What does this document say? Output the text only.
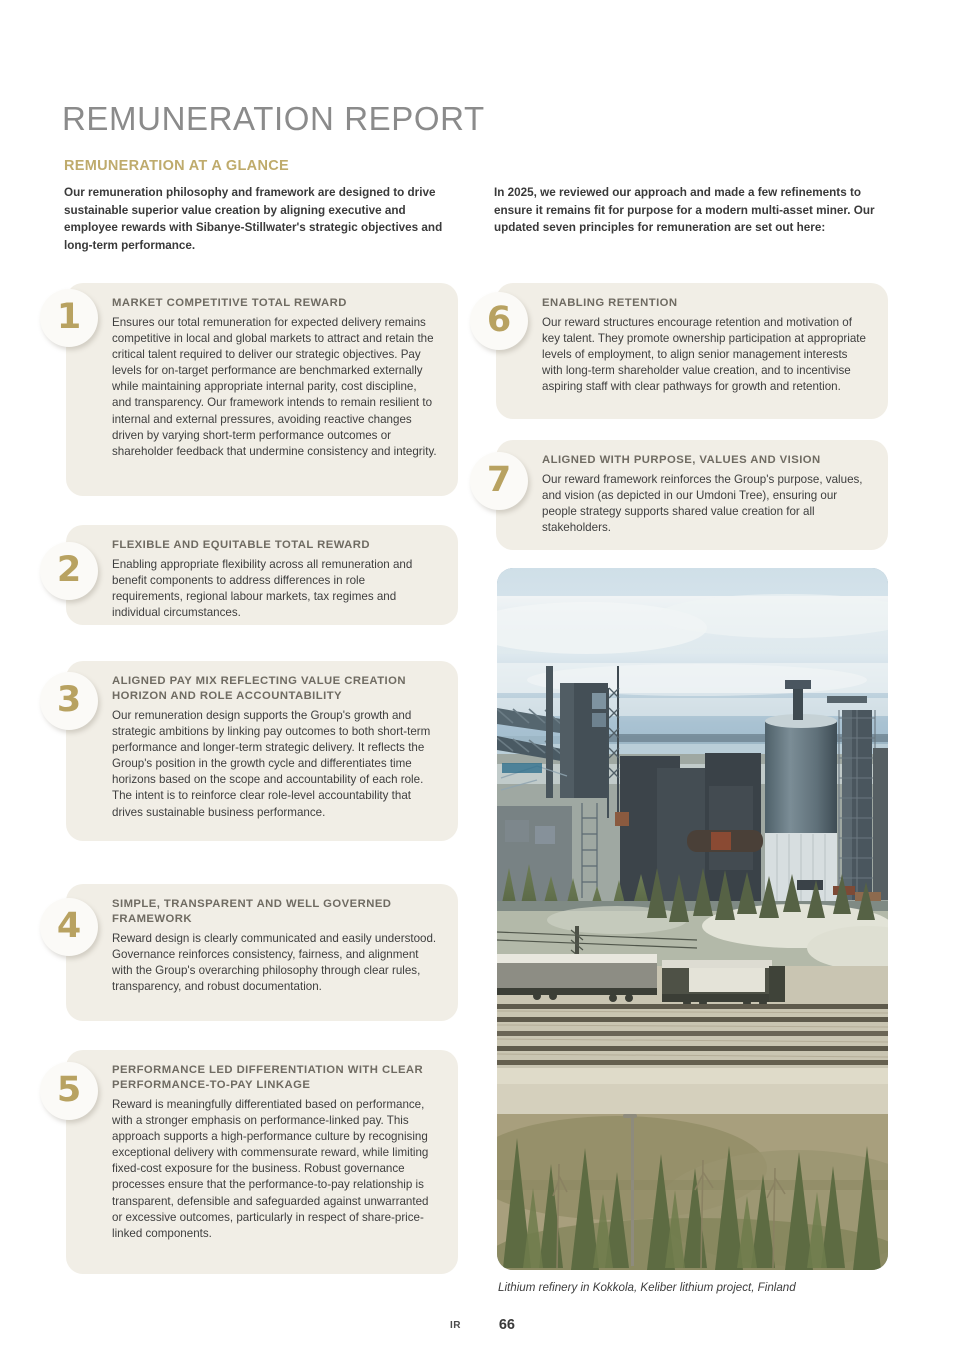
REMUNERATION REPORT
REMUNERATION AT A GLANCE
Our remuneration philosophy and framework are designed to drive sustainable superior value creation by aligning executive and employee rewards with Sibanye-Stillwater's strategic objectives and long-term performance.
In 2025, we reviewed our approach and made a few refinements to ensure it remains fit for purpose for a modern multi-asset miner. Our updated seven principles for remuneration are set out here:
MARKET COMPETITIVE TOTAL REWARD
Ensures our total remuneration for expected delivery remains competitive in local and global markets to attract and retain the critical talent required to deliver our strategic objectives. Pay levels for on-target performance are benchmarked externally while maintaining appropriate internal parity, cost discipline, and transparency. Our framework intends to remain resilient to internal and external pressures, avoiding reactive changes driven by varying short-term performance outcomes or shareholder feedback that undermine consistency and integrity.
1
FLEXIBLE AND EQUITABLE TOTAL REWARD
Enabling appropriate flexibility across all remuneration and benefit components to address differences in role requirements, regional labour markets, tax regimes and individual circumstances.
2
ALIGNED PAY MIX REFLECTING VALUE CREATION HORIZON AND ROLE ACCOUNTABILITY
Our remuneration design supports the Group's growth and strategic ambitions by linking pay outcomes to both short-term performance and longer-term strategic delivery. It reflects the Group's position in the growth cycle and differentiates time horizons based on the scope and accountability of each role. The intent is to reinforce clear role-level accountability that drives sustainable business performance.
3
SIMPLE, TRANSPARENT AND WELL GOVERNED FRAMEWORK
Reward design is clearly communicated and easily understood. Governance reinforces consistency, fairness, and alignment with the Group's overarching philosophy through clear rules, transparency, and robust documentation.
4
PERFORMANCE LED DIFFERENTIATION WITH CLEAR PERFORMANCE-TO-PAY LINKAGE
Reward is meaningfully differentiated based on performance, with a stronger emphasis on performance-linked pay. This approach supports a high-performance culture by recognising exceptional delivery with commensurate reward, while limiting fixed-cost exposure for the business. Robust governance processes ensure that the performance-to-pay relationship is transparent, defensible and safeguarded against unwarranted or excessive outcomes, particularly in respect of share-price-linked components.
5
ENABLING RETENTION
Our reward structures encourage retention and motivation of key talent. They promote ownership participation at appropriate levels of employment, to align senior management interests with long-term shareholder value creation, and to incentivise aspiring staff with clear pathways for growth and retention.
6
ALIGNED WITH PURPOSE, VALUES AND VISION
Our reward framework reinforces the Group's purpose, values, and vision (as depicted in our Umdoni Tree), ensuring our people strategy supports shared value creation for all stakeholders.
7
Lithium refinery in Kokkola, Keliber lithium project, Finland
IR	66
